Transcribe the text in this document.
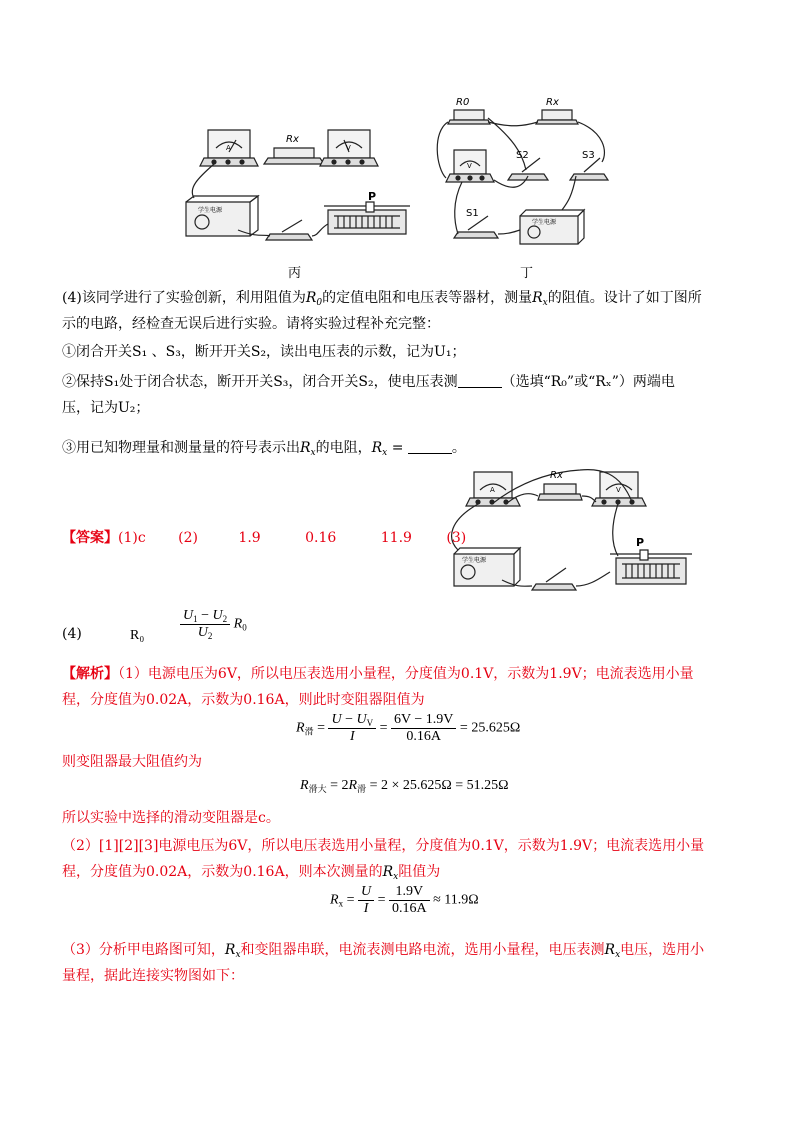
Rx
P
A	V
学生电源
丙
R0	Rx
S2	S3
S1
V
学生电源
丁
(4)该同学进行了实验创新，利用阻值为$R_0$的定值电阻和电压表等器材，测量$R_x$的阻值。设计了如丁图所
示的电路，经检查无误后进行实验。请将实验过程补充完整：
①闭合开关S₁ 、S₃，断开开关S₂，读出电压表的示数，记为U₁；
②保持S₁处于闭合状态，断开开关S₃，闭合开关S₂，使电压表测	（选填“R₀”或“Rₓ”）两端电
压，记为U₂；
③用已知物理量和测量量的符号表示出$R_x$的电阻，$R_x$ =	。
Rx
P
A	V
学生电源
【答案】(1)c (2)	1.9	0.16	11.9 (3)
(4)	R₀	$\frac{U_1 - U_2}{U_2} R_0$
【解析】（1）电源电压为6V，所以电压表选用小量程，分度值为0.1V，示数为1.9V；电流表选用小量
程，分度值为0.02A，示数为0.16A，则此时变阻器阻值为
$R_滑 = \frac{U - U_V}{I} = \frac{6V - 1.9V}{0.16A} = 25.625\Omega$
则变阻器最大阻值约为
$R_{滑大} = 2R_滑 = 2 \times 25.625\Omega = 51.25\Omega$
所以实验中选择的滑动变阻器是c。
（2）[1][2][3]电源电压为6V，所以电压表选用小量程，分度值为0.1V，示数为1.9V；电流表选用小量
程，分度值为0.02A，示数为0.16A，则本次测量的$R_x$阻值为
$R_x = \frac{U}{I} = \frac{1.9V}{0.16A} \approx 11.9\Omega$
（3）分析甲电路图可知，$R_x$和变阻器串联，电流表测电路电流，选用小量程，电压表测$R_x$电压，选用小
量程，据此连接实物图如下：
